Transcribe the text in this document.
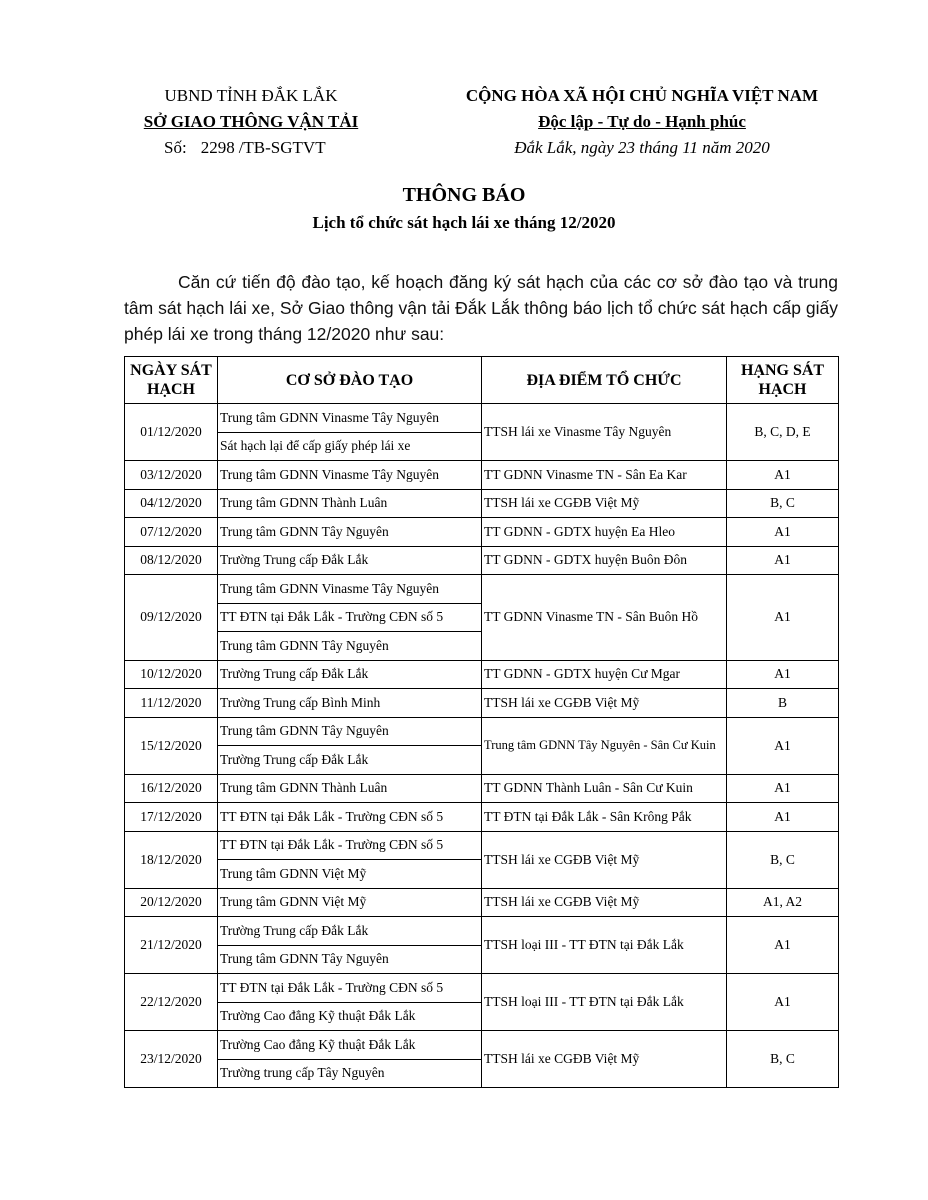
UBND TỈNH ĐẮK LẮK
SỞ GIAO THÔNG VẬN TẢI
Số: 2298 /TB-SGTVT
CỘNG HÒA XÃ HỘI CHỦ NGHĨA VIỆT NAM
Độc lập - Tự do - Hạnh phúc
Đắk Lắk, ngày 23 tháng 11 năm 2020
THÔNG BÁO
Lịch tổ chức sát hạch lái xe tháng 12/2020
Căn cứ tiến độ đào tạo, kế hoạch đăng ký sát hạch của các cơ sở đào tạo và trung tâm sát hạch lái xe, Sở Giao thông vận tải Đắk Lắk thông báo lịch tổ chức sát hạch cấp giấy phép lái xe trong tháng 12/2020 như sau:
NGÀY SÁT HẠCH	CƠ SỞ ĐÀO TẠO	ĐỊA ĐIỂM TỔ CHỨC	HẠNG SÁT HẠCH
01/12/2020	Trung tâm GDNN Vinasme Tây Nguyên	TTSH lái xe Vinasme Tây Nguyên	B, C, D, E
	Sát hạch lại để cấp giấy phép lái xe		
03/12/2020	Trung tâm GDNN Vinasme Tây Nguyên	TT GDNN Vinasme TN - Sân Ea Kar	A1
04/12/2020	Trung tâm GDNN Thành Luân	TTSH lái xe CGĐB Việt Mỹ	B, C
07/12/2020	Trung tâm GDNN Tây Nguyên	TT GDNN - GDTX huyện Ea Hleo	A1
08/12/2020	Trường Trung cấp Đắk Lắk	TT GDNN - GDTX huyện Buôn Đôn	A1
09/12/2020	Trung tâm GDNN Vinasme Tây Nguyên	TT GDNN Vinasme TN - Sân Buôn Hồ	A1
	TT ĐTN tại Đắk Lắk - Trường CĐN số 5		
	Trung tâm GDNN Tây Nguyên		
10/12/2020	Trường Trung cấp Đắk Lắk	TT GDNN - GDTX huyện Cư Mgar	A1
11/12/2020	Trường Trung cấp Bình Minh	TTSH lái xe CGĐB Việt Mỹ	B
15/12/2020	Trung tâm GDNN Tây Nguyên	Trung tâm GDNN Tây Nguyên - Sân Cư Kuin	A1
	Trường Trung cấp Đắk Lắk		
16/12/2020	Trung tâm GDNN Thành Luân	TT GDNN Thành Luân - Sân Cư Kuin	A1
17/12/2020	TT ĐTN tại Đắk Lắk - Trường CĐN số 5	TT ĐTN tại Đắk Lắk - Sân Krông Pắk	A1
18/12/2020	TT ĐTN tại Đắk Lắk - Trường CĐN số 5	TTSH lái xe CGĐB Việt Mỹ	B, C
	Trung tâm GDNN Việt Mỹ		
20/12/2020	Trung tâm GDNN Việt Mỹ	TTSH lái xe CGĐB Việt Mỹ	A1, A2
21/12/2020	Trường Trung cấp Đắk Lắk	TTSH loại III - TT ĐTN tại Đắk Lắk	A1
	Trung tâm GDNN Tây Nguyên		
22/12/2020	TT ĐTN tại Đắk Lắk - Trường CĐN số 5	TTSH loại III - TT ĐTN tại Đắk Lắk	A1
	Trường Cao đẳng Kỹ thuật Đắk Lắk		
23/12/2020	Trường Cao đẳng Kỹ thuật Đắk Lắk	TTSH lái xe CGĐB Việt Mỹ	B, C
	Trường trung cấp Tây Nguyên		
